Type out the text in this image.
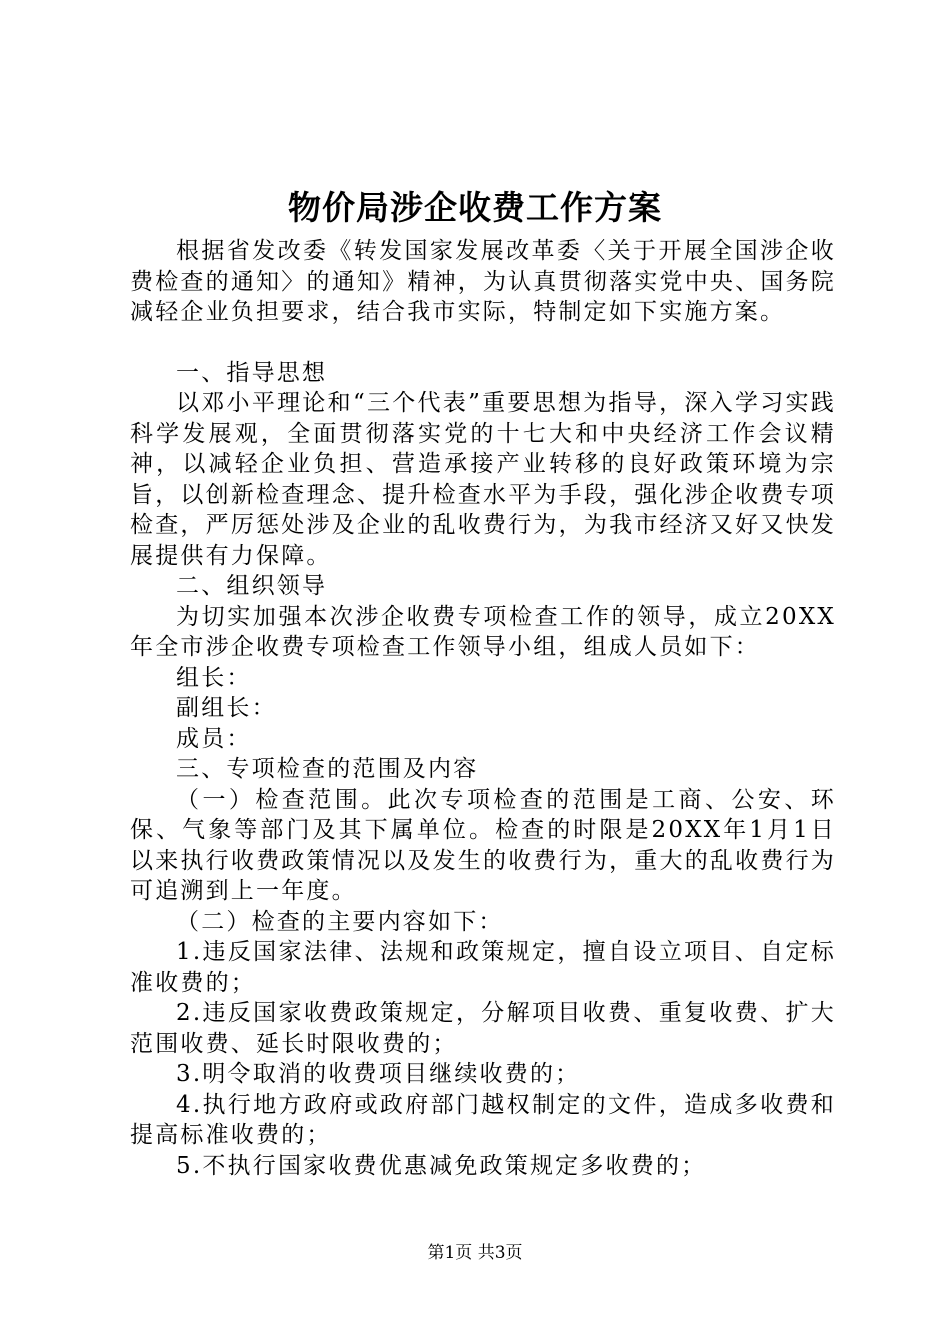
物价局涉企收费工作方案

根据省发改委《转发国家发展改革委〈关于开展全国涉企收费检查的通知〉的通知》精神，为认真贯彻落实党中央、国务院减轻企业负担要求，结合我市实际，特制定如下实施方案。

一、指导思想

以邓小平理论和“三个代表”重要思想为指导，深入学习实践科学发展观，全面贯彻落实党的十七大和中央经济工作会议精神，以减轻企业负担、营造承接产业转移的良好政策环境为宗旨，以创新检查理念、提升检查水平为手段，强化涉企收费专项检查，严厉惩处涉及企业的乱收费行为，为我市经济又好又快发展提供有力保障。

二、组织领导

为切实加强本次涉企收费专项检查工作的领导，成立20XX年全市涉企收费专项检查工作领导小组，组成人员如下：

组长：

副组长：

成员：

三、专项检查的范围及内容

（一）检查范围。此次专项检查的范围是工商、公安、环保、气象等部门及其下属单位。检查的时限是20XX年1月1日以来执行收费政策情况以及发生的收费行为，重大的乱收费行为可追溯到上一年度。

（二）检查的主要内容如下：

1.违反国家法律、法规和政策规定，擅自设立项目、自定标准收费的；

2.违反国家收费政策规定，分解项目收费、重复收费、扩大范围收费、延长时限收费的；

3.明令取消的收费项目继续收费的；

4.执行地方政府或政府部门越权制定的文件，造成多收费和提高标准收费的；

5.不执行国家收费优惠减免政策规定多收费的；

第1页 共3页
